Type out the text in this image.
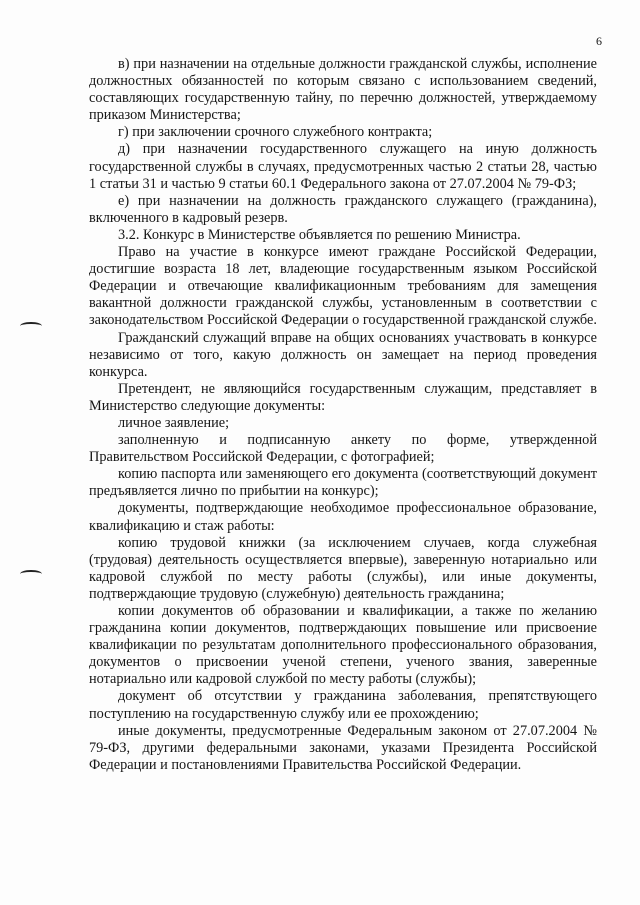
6

в) при назначении на отдельные должности гражданской службы, исполнение должностных обязанностей по которым связано с использованием сведений, составляющих государственную тайну, по перечню должностей, утверждаемому приказом Министерства;

г) при заключении срочного служебного контракта;

д) при назначении государственного служащего на иную должность государственной службы в случаях, предусмотренных частью 2 статьи 28, частью 1 статьи 31 и частью 9 статьи 60.1 Федерального закона от 27.07.2004 № 79-ФЗ;

е) при назначении на должность гражданского служащего (гражданина), включенного в кадровый резерв.

3.2. Конкурс в Министерстве объявляется по решению Министра.

Право на участие в конкурсе имеют граждане Российской Федерации, достигшие возраста 18 лет, владеющие государственным языком Российской Федерации и отвечающие квалификационным требованиям для замещения вакантной должности гражданской службы, установленным в соответствии с законодательством Российской Федерации о государственной гражданской службе.

Гражданский служащий вправе на общих основаниях участвовать в конкурсе независимо от того, какую должность он замещает на период проведения конкурса.

Претендент, не являющийся государственным служащим, представляет в Министерство следующие документы:

личное заявление;

заполненную и подписанную анкету по форме, утвержденной Правительством Российской Федерации, с фотографией;

копию паспорта или заменяющего его документа (соответствующий документ предъявляется лично по прибытии на конкурс);

документы, подтверждающие необходимое профессиональное образование, квалификацию и стаж работы:

копию трудовой книжки (за исключением случаев, когда служебная (трудовая) деятельность осуществляется впервые), заверенную нотариально или кадровой службой по месту работы (службы), или иные документы, подтверждающие трудовую (служебную) деятельность гражданина;

копии документов об образовании и квалификации, а также по желанию гражданина копии документов, подтверждающих повышение или присвоение квалификации по результатам дополнительного профессионального образования, документов о присвоении ученой степени, ученого звания, заверенные нотариально или кадровой службой по месту работы (службы);

документ об отсутствии у гражданина заболевания, препятствующего поступлению на государственную службу или ее прохождению;

иные документы, предусмотренные Федеральным законом от 27.07.2004 № 79-ФЗ, другими федеральными законами, указами Президента Российской Федерации и постановлениями Правительства Российской Федерации.
